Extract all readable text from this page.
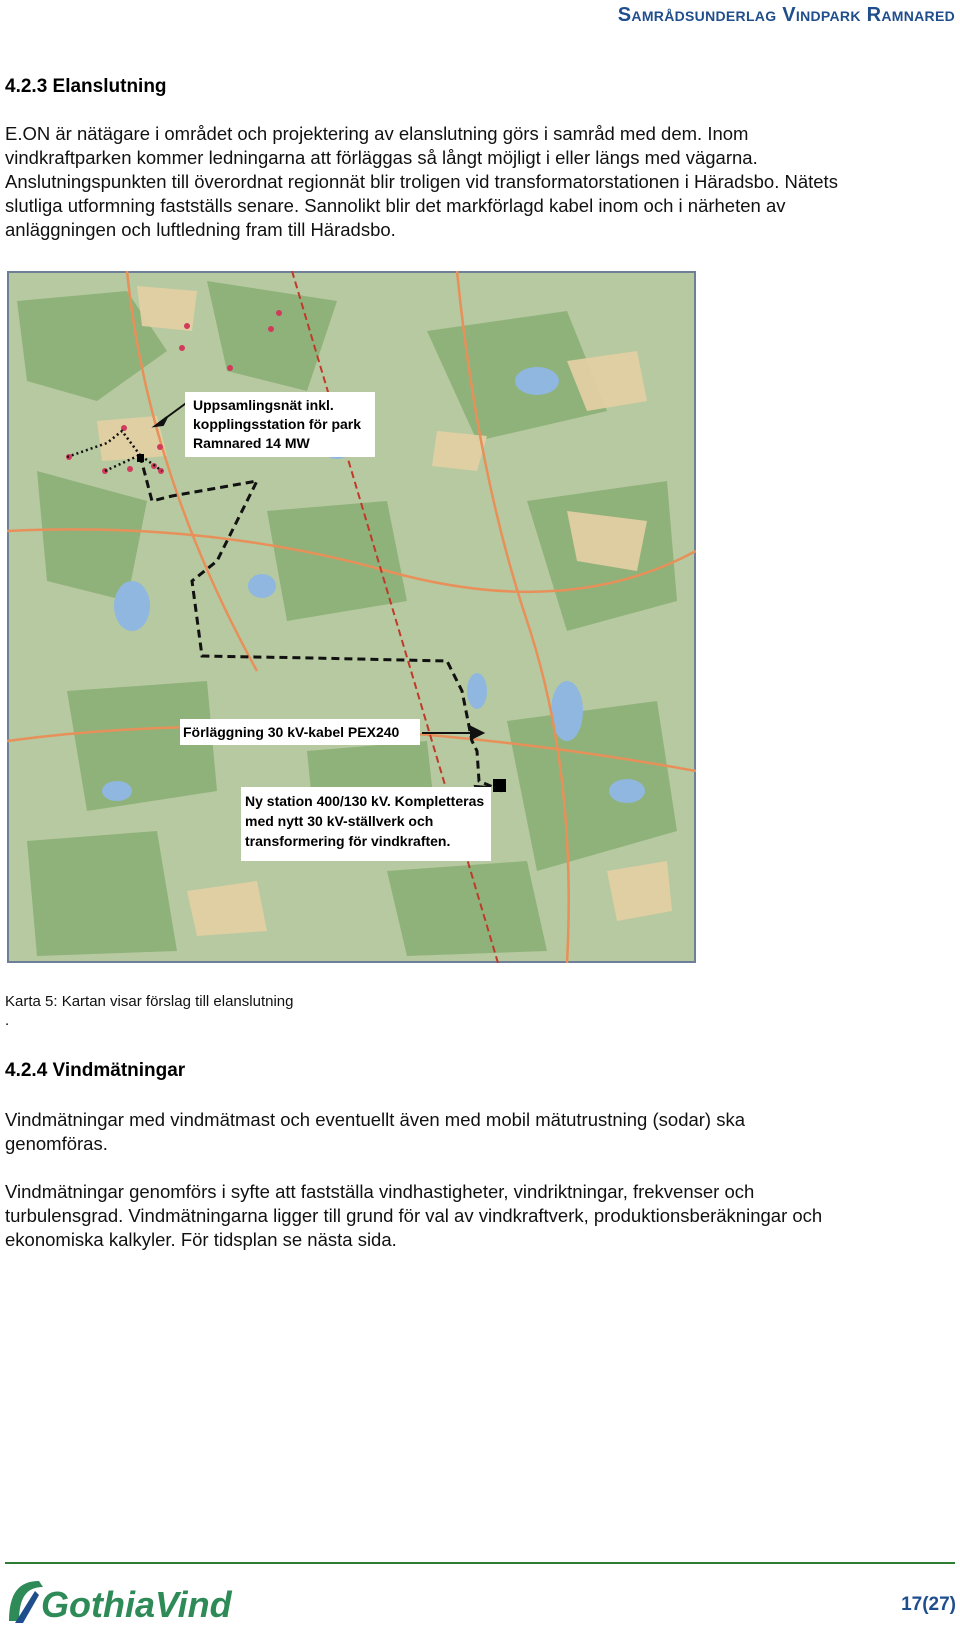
Samrådsunderlag Vindpark Ramnared
4.2.3 Elanslutning
E.ON är nätägare i området och projektering av elanslutning görs i samråd med dem. Inom
vindkraftparken kommer ledningarna att förläggas så långt möjligt i eller längs med vägarna.
Anslutningspunkten till överordnat regionnät blir troligen vid transformatorstationen i Häradsbo. Nätets
slutliga utformning fastställs senare. Sannolikt blir det markförlagd kabel inom och i närheten av
anläggningen och luftledning fram till Häradsbo.
Uppsamlingsnät inkl.
kopplingsstation för park
Ramnared 14 MW
Förläggning 30 kV-kabel PEX240
Ny station 400/130 kV. Kompletteras
med nytt 30 kV-ställverk och
transformering för vindkraften.
Karta 5: Kartan visar förslag till elanslutning
.
4.2.4 Vindmätningar
Vindmätningar med vindmätmast och eventuellt även med mobil mätutrustning (sodar) ska
genomföras.
Vindmätningar genomförs i syfte att fastställa vindhastigheter, vindriktningar, frekvenser och
turbulensgrad. Vindmätningarna ligger till grund för val av vindkraftverk, produktionsberäkningar och
ekonomiska kalkyler. För tidsplan se nästa sida.
GothiaVind	17(27)
